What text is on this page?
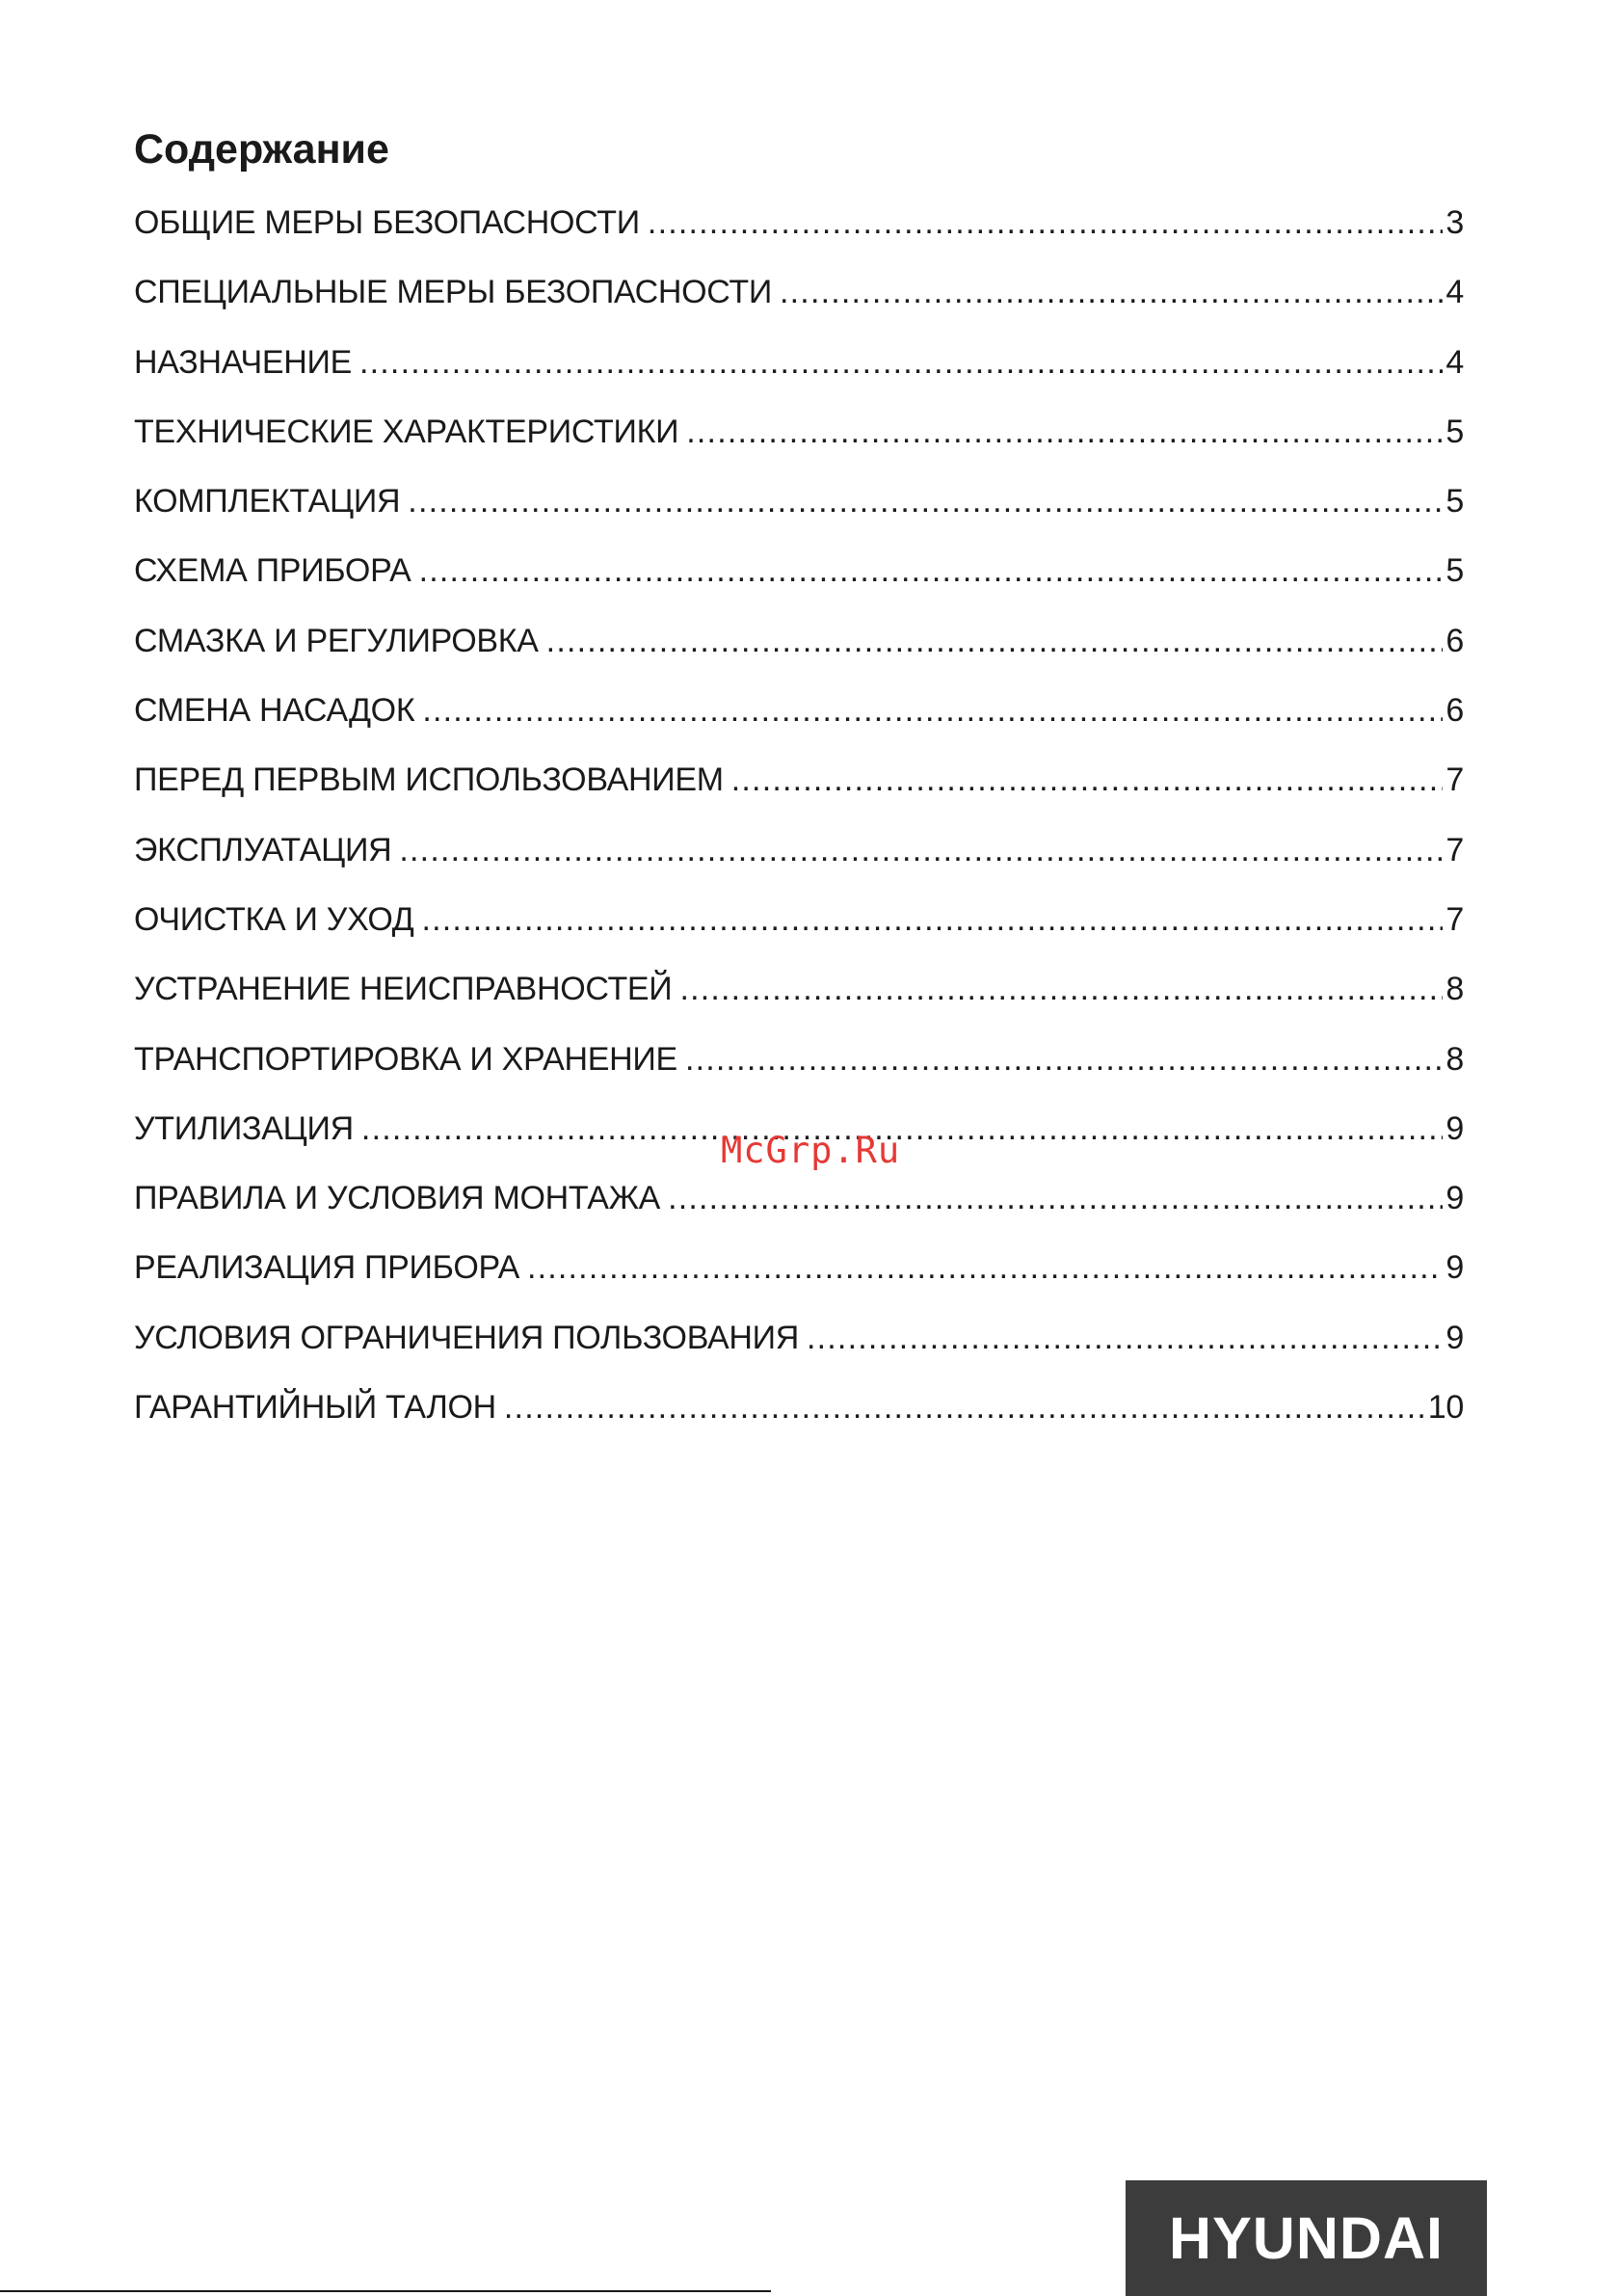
Содержание
ОБЩИЕ МЕРЫ БЕЗОПАСНОСТИ .....	3
СПЕЦИАЛЬНЫЕ МЕРЫ БЕЗОПАСНОСТИ .....	4
НАЗНАЧЕНИЕ .....	4
ТЕХНИЧЕСКИЕ ХАРАКТЕРИСТИКИ .....	5
КОМПЛЕКТАЦИЯ .....	5
СХЕМА ПРИБОРА .....	5
СМАЗКА И РЕГУЛИРОВКА .....	6
СМЕНА НАСАДОК .....	6
ПЕРЕД ПЕРВЫМ ИСПОЛЬЗОВАНИЕМ .....	7
ЭКСПЛУАТАЦИЯ .....	7
ОЧИСТКА И УХОД .....	7
УСТРАНЕНИЕ НЕИСПРАВНОСТЕЙ .....	8
ТРАНСПОРТИРОВКА И ХРАНЕНИЕ .....	8
УТИЛИЗАЦИЯ .....	9
ПРАВИЛА И УСЛОВИЯ МОНТАЖА .....	9
РЕАЛИЗАЦИЯ ПРИБОРА .....	9
УСЛОВИЯ ОГРАНИЧЕНИЯ ПОЛЬЗОВАНИЯ .....	9
ГАРАНТИЙНЫЙ ТАЛОН .....	10
McGrp.Ru
HYUNDAI
